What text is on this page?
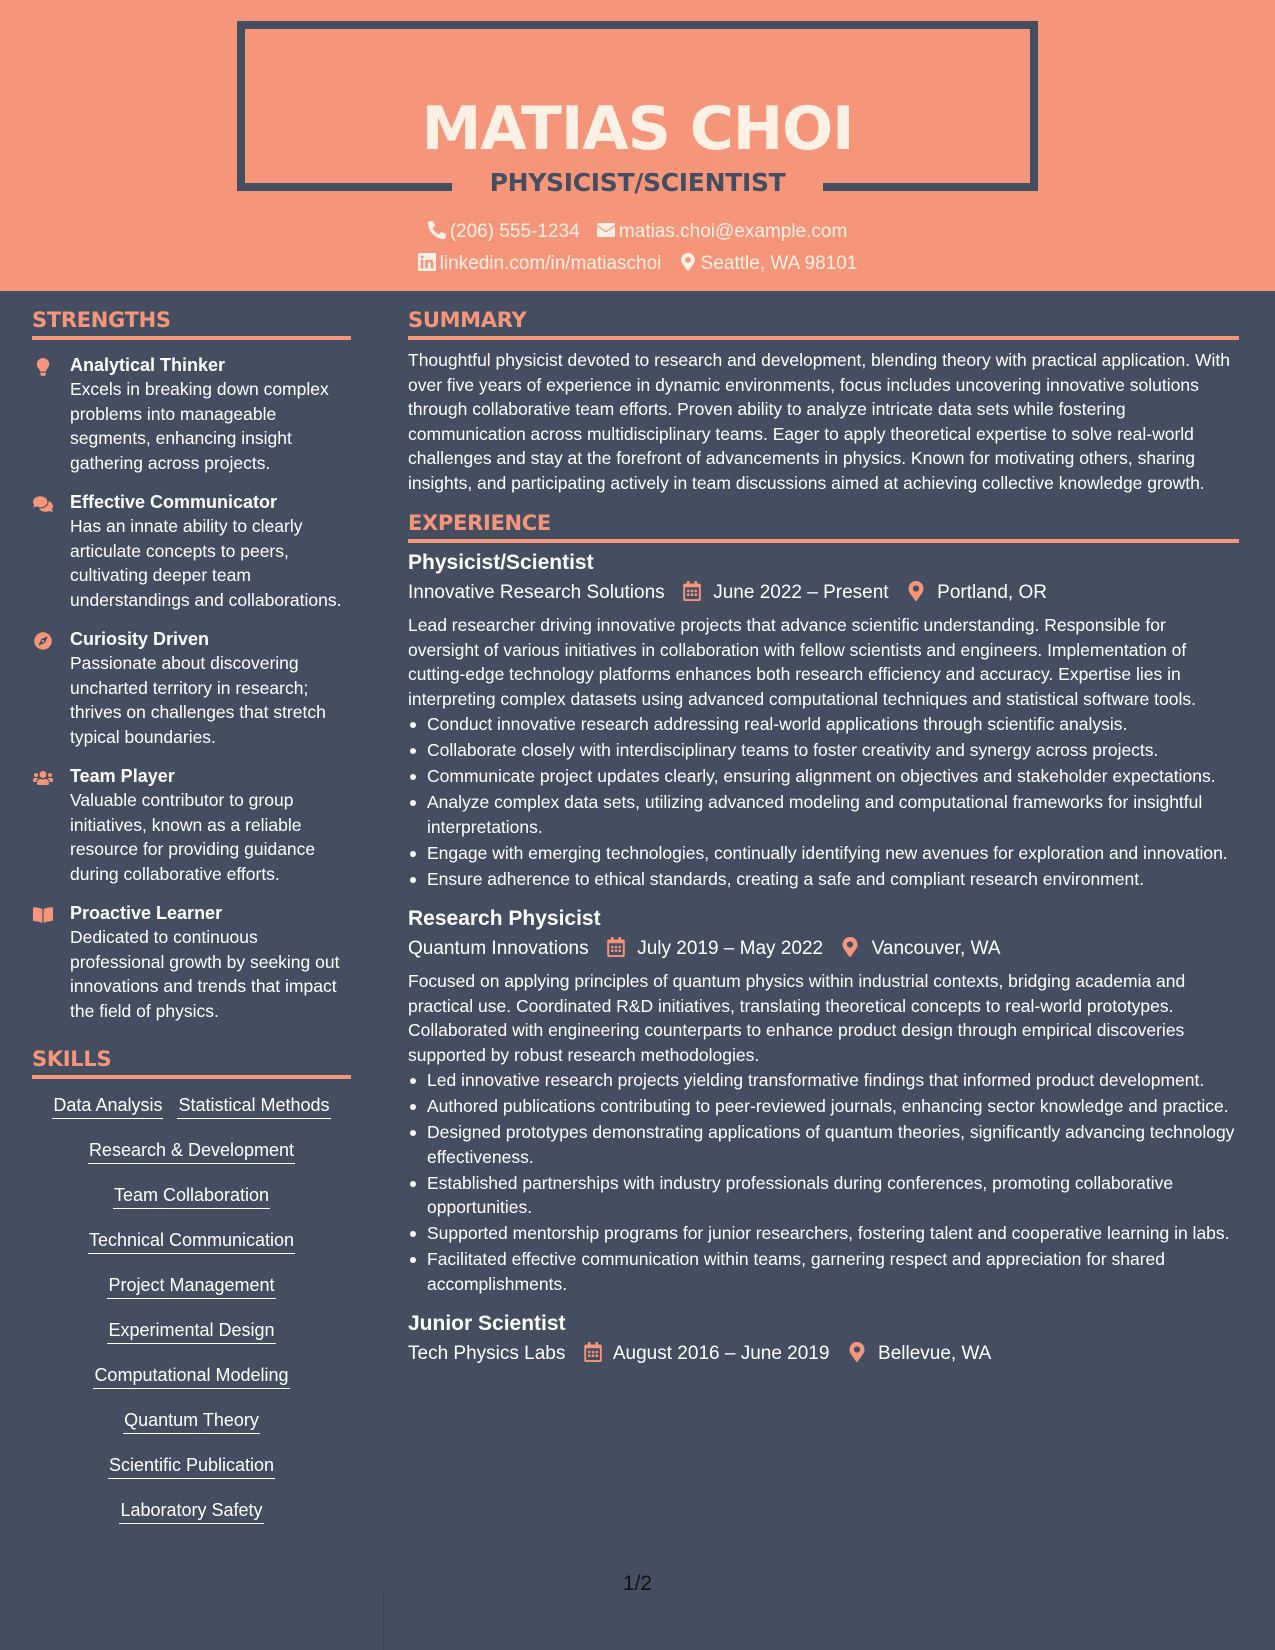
MATIAS CHOI
PHYSICIST/SCIENTIST
(206) 555-1234 matias.choi@example.com
linkedin.com/in/matiaschoi Seattle, WA 98101
STRENGTHS
Analytical Thinker
Excels in breaking down complex problems into manageable segments, enhancing insight gathering across projects.
Effective Communicator
Has an innate ability to clearly articulate concepts to peers, cultivating deeper team understandings and collaborations.
Curiosity Driven
Passionate about discovering uncharted territory in research; thrives on challenges that stretch typical boundaries.
Team Player
Valuable contributor to group initiatives, known as a reliable resource for providing guidance during collaborative efforts.
Proactive Learner
Dedicated to continuous professional growth by seeking out innovations and trends that impact the field of physics.
SKILLS
Data Analysis Statistical Methods
Research & Development
Team Collaboration
Technical Communication
Project Management
Experimental Design
Computational Modeling
Quantum Theory
Scientific Publication
Laboratory Safety
SUMMARY
Thoughtful physicist devoted to research and development, blending theory with practical application. With over five years of experience in dynamic environments, focus includes uncovering innovative solutions through collaborative team efforts. Proven ability to analyze intricate data sets while fostering communication across multidisciplinary teams. Eager to apply theoretical expertise to solve real-world challenges and stay at the forefront of advancements in physics. Known for motivating others, sharing insights, and participating actively in team discussions aimed at achieving collective knowledge growth.
EXPERIENCE
Physicist/Scientist
Innovative Research Solutions	June 2022 – Present	Portland, OR
Lead researcher driving innovative projects that advance scientific understanding. Responsible for oversight of various initiatives in collaboration with fellow scientists and engineers. Implementation of cutting-edge technology platforms enhances both research efficiency and accuracy. Expertise lies in interpreting complex datasets using advanced computational techniques and statistical software tools.
Conduct innovative research addressing real-world applications through scientific analysis.
Collaborate closely with interdisciplinary teams to foster creativity and synergy across projects.
Communicate project updates clearly, ensuring alignment on objectives and stakeholder expectations.
Analyze complex data sets, utilizing advanced modeling and computational frameworks for insightful interpretations.
Engage with emerging technologies, continually identifying new avenues for exploration and innovation.
Ensure adherence to ethical standards, creating a safe and compliant research environment.
Research Physicist
Quantum Innovations	July 2019 – May 2022	Vancouver, WA
Focused on applying principles of quantum physics within industrial contexts, bridging academia and practical use. Coordinated R&D initiatives, translating theoretical concepts to real-world prototypes. Collaborated with engineering counterparts to enhance product design through empirical discoveries supported by robust research methodologies.
Led innovative research projects yielding transformative findings that informed product development.
Authored publications contributing to peer-reviewed journals, enhancing sector knowledge and practice.
Designed prototypes demonstrating applications of quantum theories, significantly advancing technology effectiveness.
Established partnerships with industry professionals during conferences, promoting collaborative opportunities.
Supported mentorship programs for junior researchers, fostering talent and cooperative learning in labs.
Facilitated effective communication within teams, garnering respect and appreciation for shared accomplishments.
Junior Scientist
Tech Physics Labs	August 2016 – June 2019	Bellevue, WA
1/2
